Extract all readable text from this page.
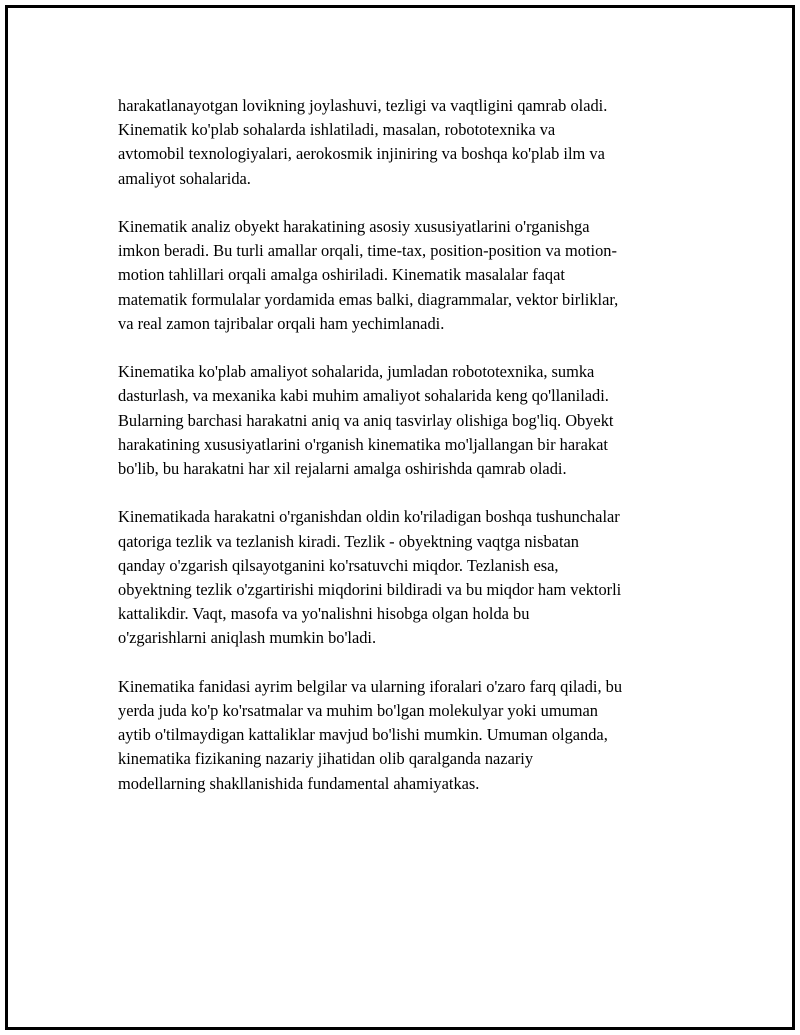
harakatlanayotgan lovikning joylashuvi, tezligi va vaqtligini qamrab oladi.
Kinematik ko'plab sohalarda ishlatiladi, masalan, robototexnika va
avtomobil texnologiyalari, aerokosmik injiniring va boshqa ko'plab ilm va
amaliyot sohalarida.

Kinematik analiz obyekt harakatining asosiy xususiyatlarini o'rganishga
imkon beradi. Bu turli amallar orqali, time-tax, position-position va motion-
motion tahlillari orqali amalga oshiriladi. Kinematik masalalar faqat
matematik formulalar yordamida emas balki, diagrammalar, vektor birliklar,
va real zamon tajribalar orqali ham yechimlanadi.

Kinematika ko'plab amaliyot sohalarida, jumladan robototexnika, sumka
dasturlash, va mexanika kabi muhim amaliyot sohalarida keng qo'llaniladi.
Bularning barchasi harakatni aniq va aniq tasvirlay olishiga bog'liq. Obyekt
harakatining xususiyatlarini o'rganish kinematika mo'ljallangan bir harakat
bo'lib, bu harakatni har xil rejalarni amalga oshirishda qamrab oladi.

Kinematikada harakatni o'rganishdan oldin ko'riladigan boshqa tushunchalar
qatoriga tezlik va tezlanish kiradi. Tezlik - obyektning vaqtga nisbatan
qanday o'zgarish qilsayotganini ko'rsatuvchi miqdor. Tezlanish esa,
obyektning tezlik o'zgartirishi miqdorini bildiradi va bu miqdor ham vektorli
kattalikdir. Vaqt, masofa va yo'nalishni hisobga olgan holda bu
o'zgarishlarni aniqlash mumkin bo'ladi.

Kinematika fanidasi ayrim belgilar va ularning iforalari o'zaro farq qiladi, bu
yerda juda ko'p ko'rsatmalar va muhim bo'lgan molekulyar yoki umuman
aytib o'tilmaydigan kattaliklar mavjud bo'lishi mumkin. Umuman olganda,
kinematika fizikaning nazariy jihatidan olib qaralganda nazariy
modellarning shakllanishida fundamental ahamiyatkas.
